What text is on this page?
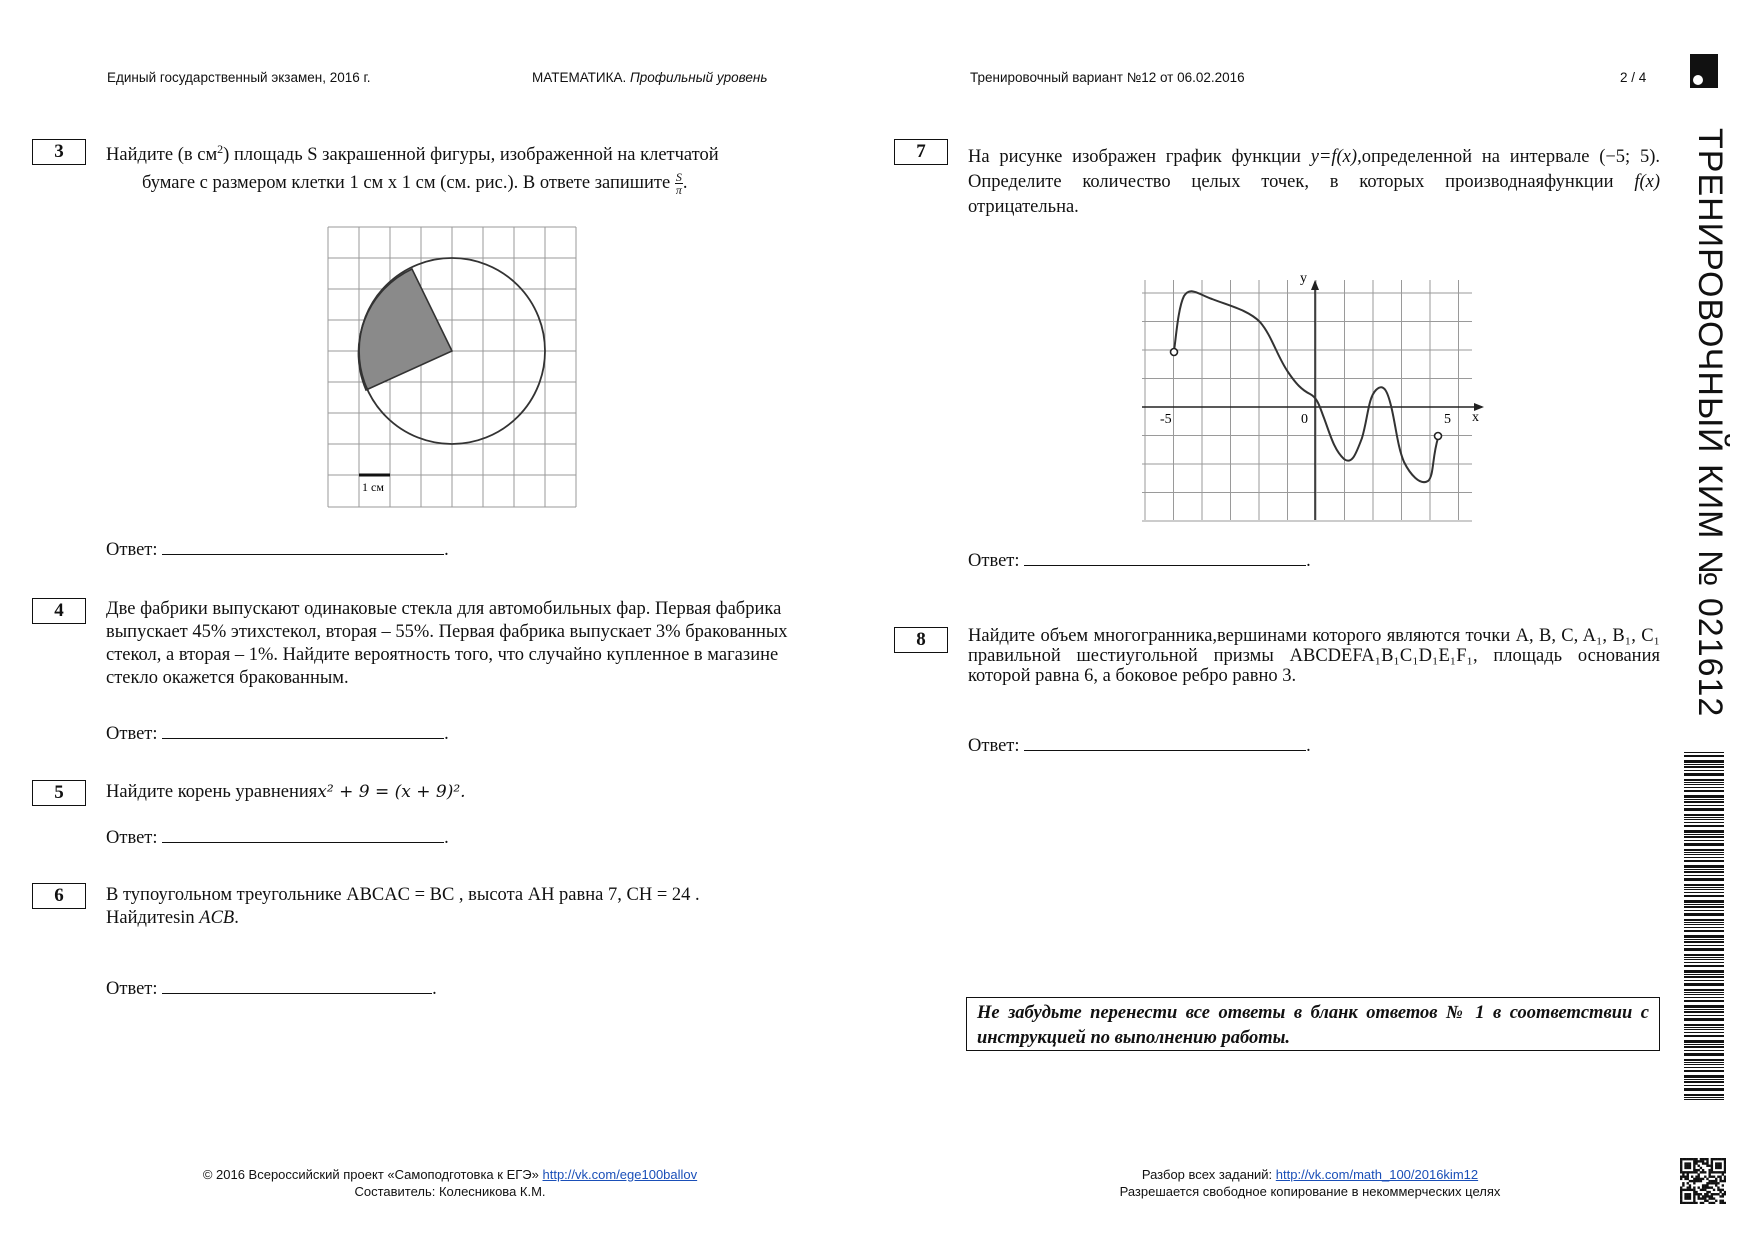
Единый государственный экзамен, 2016 г.	МАТЕМАТИКА. Профильный уровень	Тренировочный вариант №12 от 06.02.2016	2 / 4
ТРЕНИРОВОЧНЫЙ КИМ № 021612
3	Найдите (в $см^2$) площадь S закрашенной фигуры, изображенной на клетчатой
бумаге с размером клетки 1 см x 1 см (см. рис.). В ответе запишите $\frac{S}{\pi}$ .
1 см
Ответ:	.
4	Две фабрики выпускают одинаковые стекла для автомобильных фар. Первая фабрика выпускает 45% этихстекол, вторая – 55%. Первая фабрика выпускает 3% бракованных стекол, а вторая – 1%. Найдите вероятность того, что случайно купленное в магазине стекло окажется бракованным.
Ответ:	.
5	Найдите корень уравненияx² + 9 = (x + 9)².
Ответ:	.
6	В тупоугольном треугольнике ABCAC = BC , высота AH равна 7, CH = 24 .
Найдитеsin ACB.
Ответ:	.
7	На рисунке изображен график функции y=f(x),определенной на интервале (−5; 5). Определите количество целых точек, в которых производнаяфункции f(x) отрицательна.
y
x
-5	0	5
Ответ:	.
8	Найдите объем многогранника,вершинами которого являются точки A, B, C, A₁, B₁, C₁ правильной шестиугольной призмы ABCDEFA₁B₁C₁D₁E₁F₁, площадь основания которой равна 6, а боковое ребро равно 3.
Ответ:	.
Не забудьте перенести все ответы в бланк ответов № 1 в соответствии с инструкцией по выполнению работы.
© 2016 Всероссийский проект «Самоподготовка к ЕГЭ» http://vk.com/ege100ballov
Составитель: Колесникова К.М.
Разбор всех заданий: http://vk.com/math_100/2016kim12
Разрешается свободное копирование в некоммерческих целях
